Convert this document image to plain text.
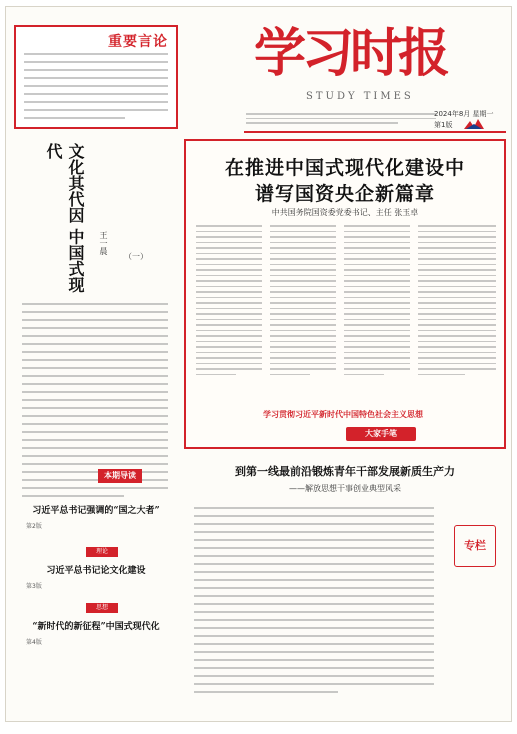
重要言论 学习时报
STUDY TIMES
2024年8月 星期一
第1版
在推进中国式现代化建设中
谱写国资央企新篇章
中共国务院国资委党委书记、主任 张玉卓
学习贯彻习近平新时代中国特色社会主义思想
大家手笔
文化其代因 中国式现代
王一晨
（一）
本期导读
习近平总书记强调的“国之大者”
第2版
理论
习近平总书记论文化建设
第3版
思想
“新时代的新征程”中国式现代化
第4版
到第一线最前沿锻炼青年干部发展新质生产力
——解放思想干事创业典型风采
专栏
